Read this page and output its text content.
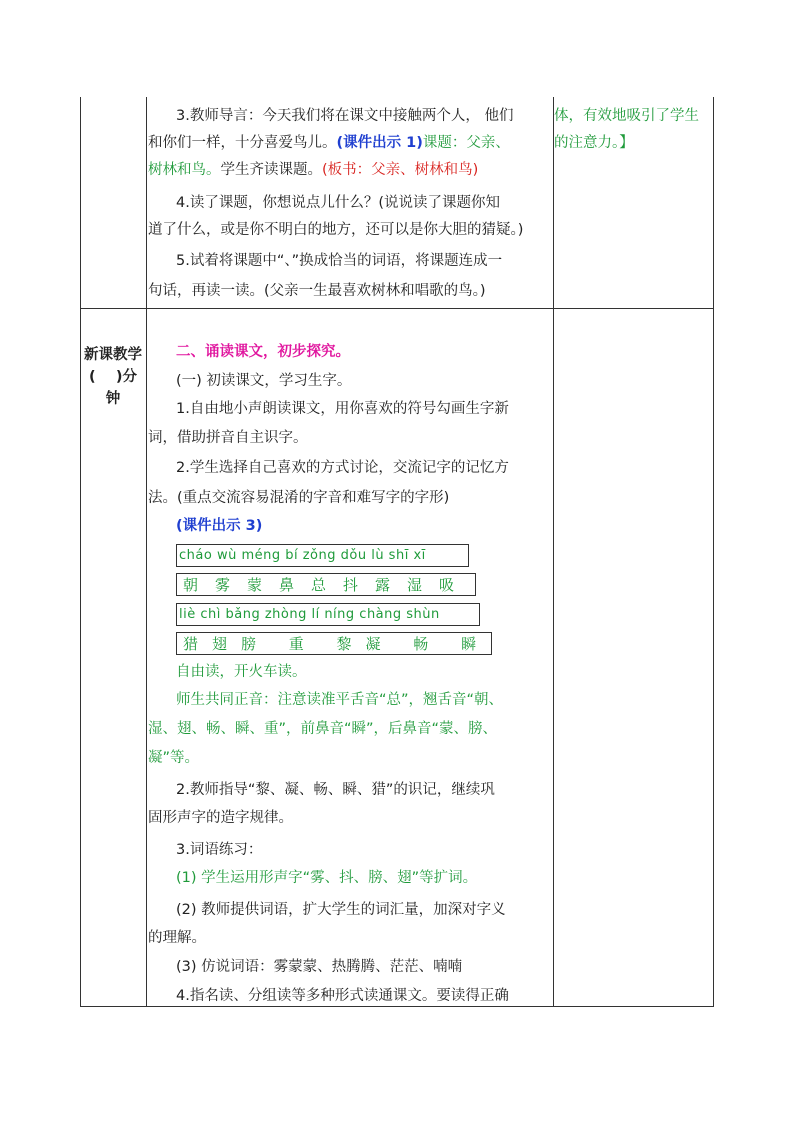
3.教师导言：今天我们将在课文中接触两个人， 他们	体，有效地吸引了学生
和你们一样，十分喜爱鸟儿。(课件出示 1)课题：父亲、	的注意力。】
树林和鸟。学生齐读课题。(板书：父亲、树林和鸟)
4.读了课题，你想说点儿什么？(说说读了课题你知
道了什么，或是你不明白的地方，还可以是你大胆的猜疑。)
5.试着将课题中“、”换成恰当的词语，将课题连成一
句话，再读一读。(父亲一生最喜欢树林和唱歌的鸟。)
新课教学
(    )分
钟
二、诵读课文，初步探究。
(一) 初读课文，学习生字。
1.自由地小声朗读课文，用你喜欢的符号勾画生字新
词，借助拼音自主识字。
2.学生选择自己喜欢的方式讨论，交流记字的记忆方
法。(重点交流容易混淆的字音和难写字的字形)
(课件出示 3)
cháo wù méng bí zǒng dǒu lù shī xī
朝雾蒙鼻总抖露湿吸
liè chì bǎng zhòng lí níng chàng shùn
猎翅膀 重 黎凝 畅 瞬
自由读，开火车读。
师生共同正音：注意读准平舌音“总”，翘舌音“朝、
湿、翅、畅、瞬、重”，前鼻音“瞬”，后鼻音“蒙、膀、
凝”等。
2.教师指导“黎、凝、畅、瞬、猎”的识记，继续巩
固形声字的造字规律。
3.词语练习：
(1) 学生运用形声字“雾、抖、膀、翅”等扩词。
(2) 教师提供词语，扩大学生的词汇量，加深对字义
的理解。
(3) 仿说词语：雾蒙蒙、热腾腾、茫茫、喃喃
4.指名读、分组读等多种形式读通课文。要读得正确
